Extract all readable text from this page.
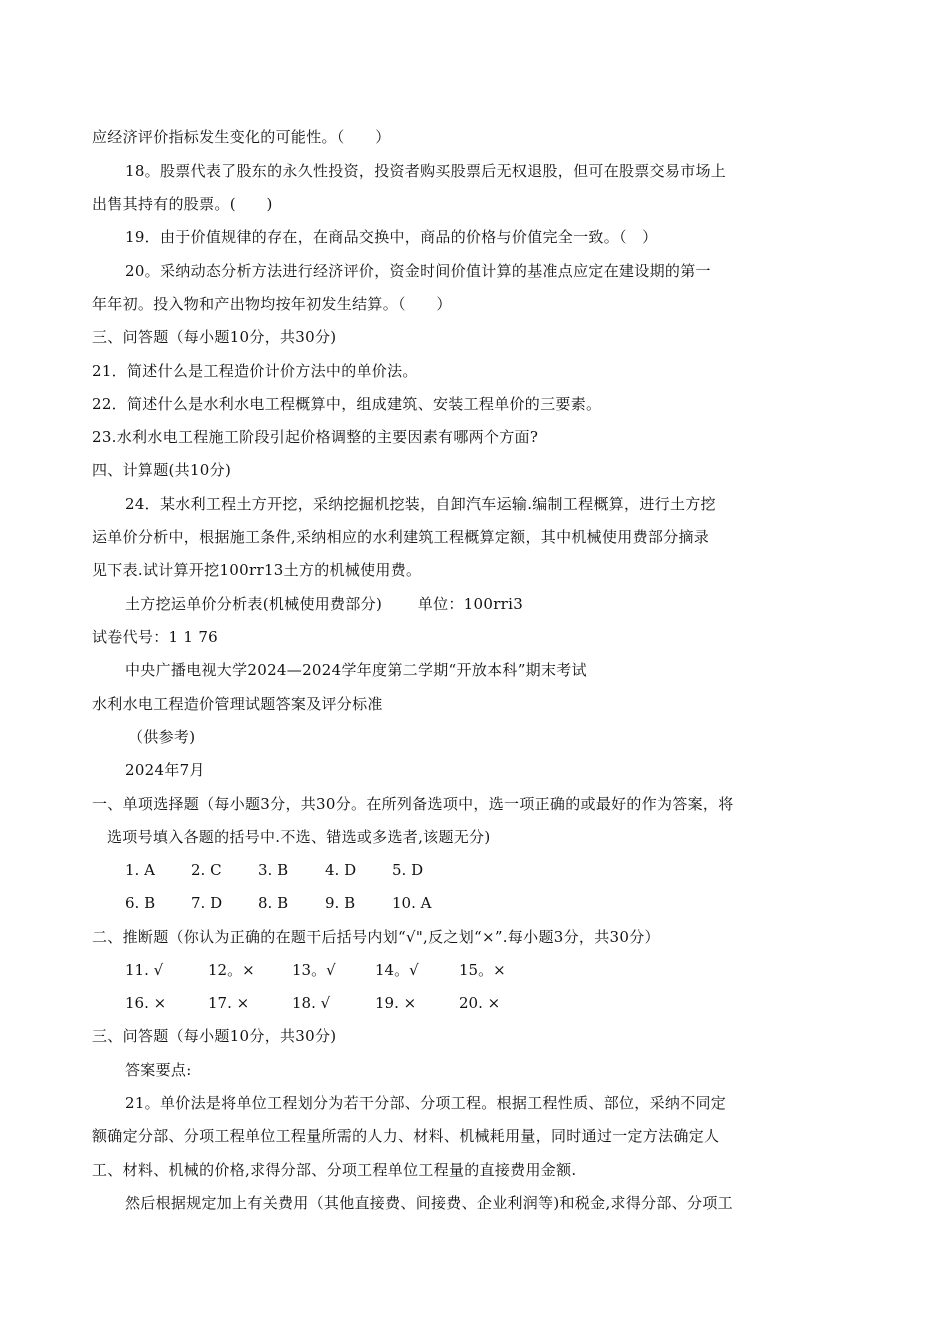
应经济评价指标发生变化的可能性。（　　）
18。股票代表了股东的永久性投资，投资者购买股票后无权退股，但可在股票交易市场上
出售其持有的股票。(　　)
19．由于价值规律的存在，在商品交换中，商品的价格与价值完全一致。（　）
20。采纳动态分析方法进行经济评价，资金时间价值计算的基准点应定在建设期的第一
年年初。投入物和产出物均按年初发生结算。（　　）
三、问答题（每小题10分，共30分)
21．简述什么是工程造价计价方法中的单价法。
22．简述什么是水利水电工程概算中，组成建筑、安装工程单价的三要素。
23.水利水电工程施工阶段引起价格调整的主要因素有哪两个方面?
四、计算题(共10分)
24．某水利工程土方开挖，采纳挖掘机挖装，自卸汽车运输.编制工程概算，进行土方挖
运单价分析中，根据施工条件,采纳相应的水利建筑工程概算定额，其中机械使用费部分摘录
见下表.试计算开挖100rr13土方的机械使用费。
土方挖运单价分析表(机械使用费部分)　　 单位：100rri3
试卷代号：1 1 76
中央广播电视大学2024—2024学年度第二学期“开放本科”期末考试
水利水电工程造价管理试题答案及评分标准
（供参考)
2024年7月
一、单项选择题（每小题3分，共30分。在所列备选项中，选一项正确的或最好的作为答案，将
选项号填入各题的括号中.不选、错选或多选者,该题无分)
1. A 2. C 3. B 4. D 5. D
6. B 7. D 8. B 9. B 10. A
二、推断题（你认为正确的在题干后括号内划“√",反之划“×”.每小题3分，共30分）
11. √	12。× 13。√	14。√	15。×
16. ×	17. ×	18. √	19. ×	20. ×
三、问答题（每小题10分，共30分)
答案要点:
21。单价法是将单位工程划分为若干分部、分项工程。根据工程性质、部位，采纳不同定
额确定分部、分项工程单位工程量所需的人力、材料、机械耗用量，同时通过一定方法确定人
工、材料、机械的价格,求得分部、分项工程单位工程量的直接费用金额.
然后根据规定加上有关费用（其他直接费、间接费、企业利润等)和税金,求得分部、分项工
